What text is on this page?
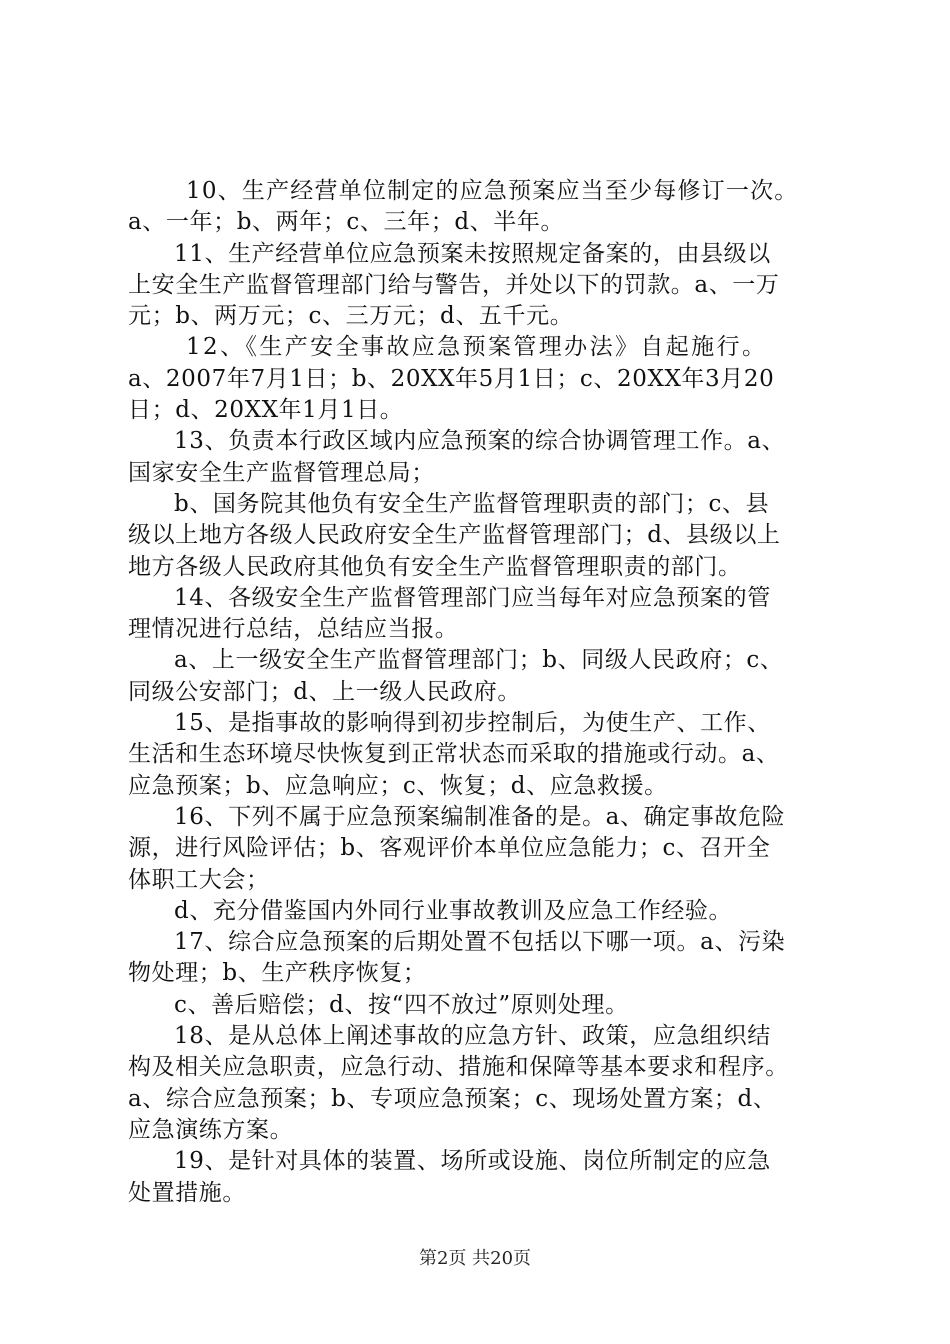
10、生产经营单位制定的应急预案应当至少每修订一次。
a、一年；b、两年；c、三年；d、半年。
11、生产经营单位应急预案未按照规定备案的，由县级以
上安全生产监督管理部门给与警告，并处以下的罚款。a、一万
元；b、两万元；c、三万元；d、五千元。
12、《生产安全事故应急预案管理办法》自起施行。
a、2007年7月1日；b、20XX年5月1日；c、20XX年3月20
日；d、20XX年1月1日。
13、负责本行政区域内应急预案的综合协调管理工作。a、
国家安全生产监督管理总局；
b、国务院其他负有安全生产监督管理职责的部门；c、县
级以上地方各级人民政府安全生产监督管理部门；d、县级以上
地方各级人民政府其他负有安全生产监督管理职责的部门。
14、各级安全生产监督管理部门应当每年对应急预案的管
理情况进行总结，总结应当报。
a、上一级安全生产监督管理部门；b、同级人民政府；c、
同级公安部门；d、上一级人民政府。
15、是指事故的影响得到初步控制后，为使生产、工作、
生活和生态环境尽快恢复到正常状态而采取的措施或行动。a、
应急预案；b、应急响应；c、恢复；d、应急救援。
16、下列不属于应急预案编制准备的是。a、确定事故危险
源，进行风险评估；b、客观评价本单位应急能力；c、召开全
体职工大会；
d、充分借鉴国内外同行业事故教训及应急工作经验。
17、综合应急预案的后期处置不包括以下哪一项。a、污染
物处理；b、生产秩序恢复；
c、善后赔偿；d、按“四不放过”原则处理。
18、是从总体上阐述事故的应急方针、政策，应急组织结
构及相关应急职责，应急行动、措施和保障等基本要求和程序。
a、综合应急预案；b、专项应急预案；c、现场处置方案；d、
应急演练方案。
19、是针对具体的装置、场所或设施、岗位所制定的应急
处置措施。
第2页 共20页
